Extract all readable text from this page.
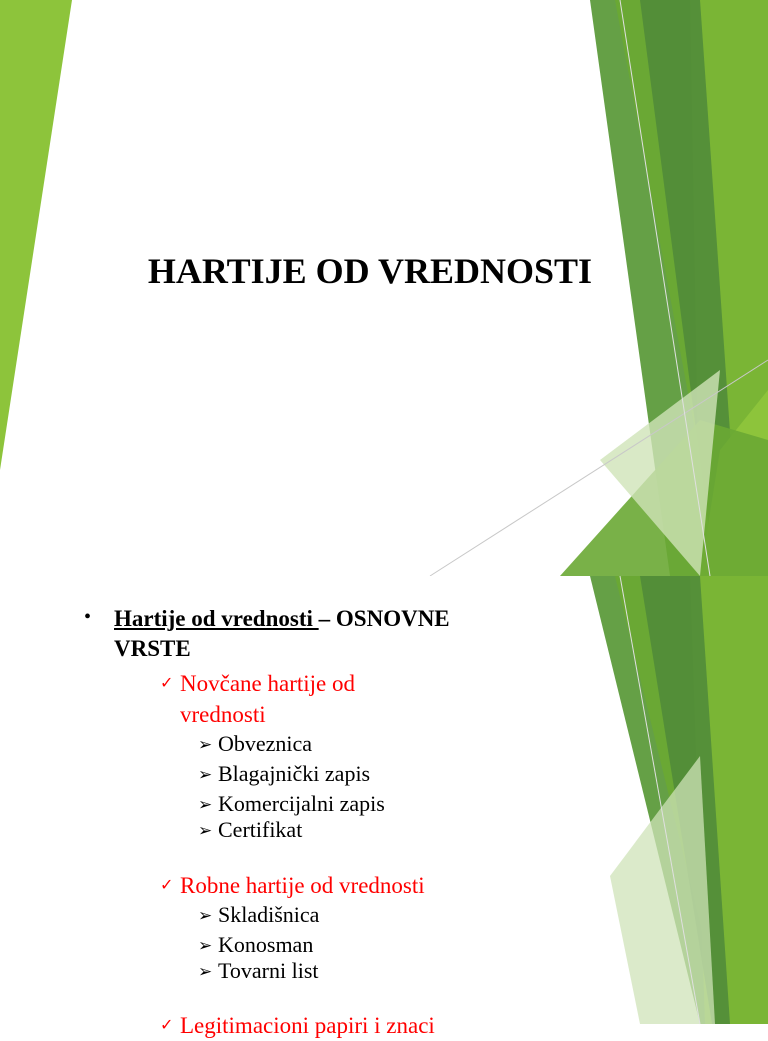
HARTIJE OD VREDNOSTI
• Hartije od vrednosti – OSNOVNE VRSTE
✓ Novčane hartije od vrednosti
➢ Obveznica
➢ Blagajnički zapis
➢ Komercijalni zapis
➢ Certifikat
✓ Robne hartije od vrednosti
➢ Skladišnica
➢ Konosman
➢ Tovarni list
✓ Legitimacioni papiri i znaci
